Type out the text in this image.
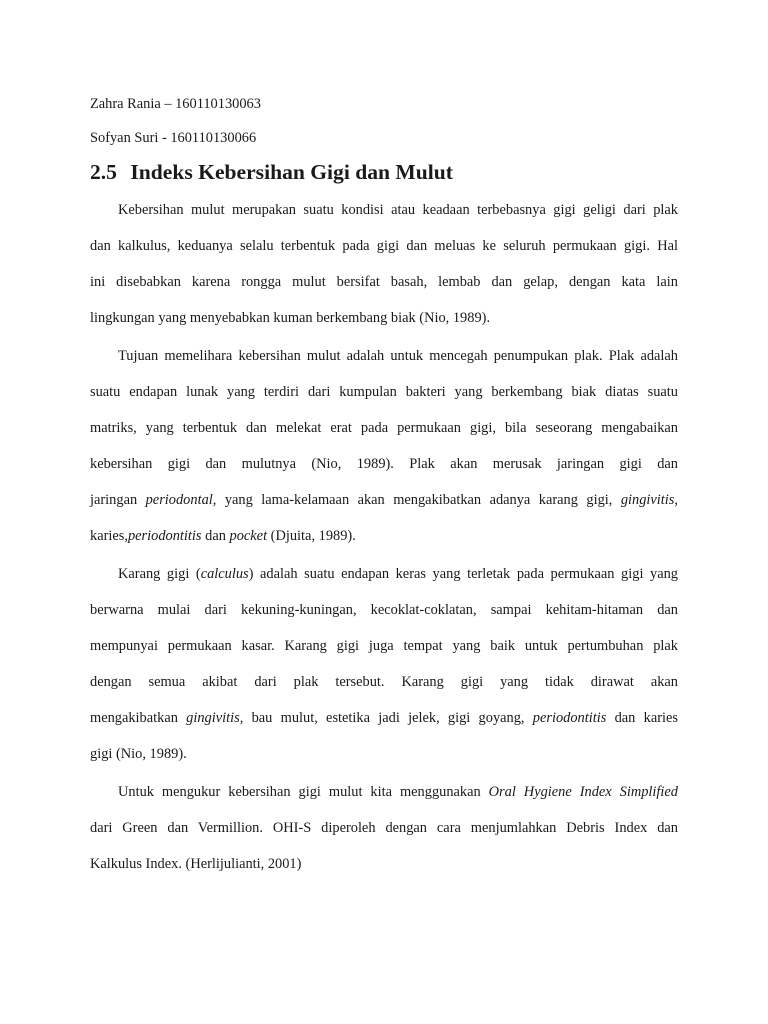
Zahra Rania – 160110130063

Sofyan Suri - 160110130066

2.5 Indeks Kebersihan Gigi dan Mulut

Kebersihan mulut merupakan suatu kondisi atau keadaan terbebasnya gigi geligi dari plak
dan kalkulus, keduanya selalu terbentuk pada gigi dan meluas ke seluruh permukaan gigi. Hal
ini disebabkan karena rongga mulut bersifat basah, lembab dan gelap, dengan kata lain
lingkungan yang menyebabkan kuman berkembang biak (Nio, 1989).

Tujuan memelihara kebersihan mulut adalah untuk mencegah penumpukan plak. Plak adalah
suatu endapan lunak yang terdiri dari kumpulan bakteri yang berkembang biak diatas suatu
matriks, yang terbentuk dan melekat erat pada permukaan gigi, bila seseorang mengabaikan
kebersihan gigi dan mulutnya (Nio, 1989). Plak akan merusak jaringan gigi dan
jaringan periodontal, yang lama-kelamaan akan mengakibatkan adanya karang gigi, gingivitis,
karies,periodontitis dan pocket (Djuita, 1989).

Karang gigi (calculus) adalah suatu endapan keras yang terletak pada permukaan gigi yang
berwarna mulai dari kekuning-kuningan, kecoklat-coklatan, sampai kehitam-hitaman dan
mempunyai permukaan kasar. Karang gigi juga tempat yang baik untuk pertumbuhan plak
dengan semua akibat dari plak tersebut. Karang gigi yang tidak dirawat akan
mengakibatkan gingivitis, bau mulut, estetika jadi jelek, gigi goyang, periodontitis dan karies
gigi (Nio, 1989).

Untuk mengukur kebersihan gigi mulut kita menggunakan Oral Hygiene Index Simplified
dari Green dan Vermillion. OHI-S diperoleh dengan cara menjumlahkan Debris Index dan
Kalkulus Index. (Herlijulianti, 2001)
